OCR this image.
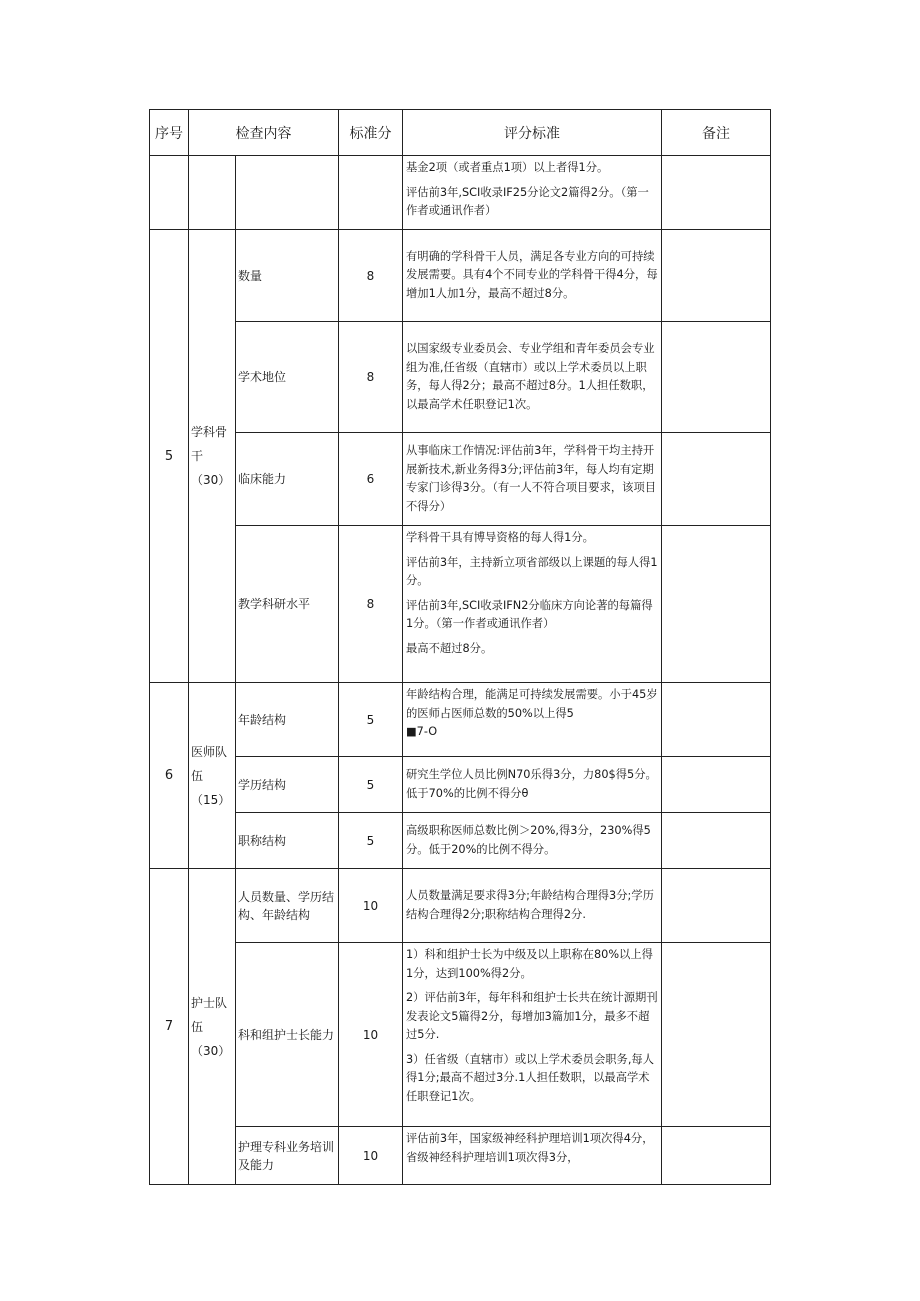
序号	检查内容		标准分	评分标准	备注

				基金2项（或者重点1项）以上者得1分。

评估前3年,SCI收录IF25分论文2篇得2分。（第一作者或通讯作者）	

5	学科骨干（30）	数量	8	有明确的学科骨干人员，满足各专业方向的可持续发展需要。具有4个不同专业的学科骨干得4分，每增加1人加1分，最高不超过8分。	

		学术地位	8	以国家级专业委员会、专业学组和青年委员会专业组为准,任省级（直辖市）或以上学术委员以上职务，每人得2分；最高不超过8分。1人担任数职，以最高学术任职登记1次。	

		临床能力	6	从事临床工作情况:评估前3年，学科骨干均主持开展新技术,新业务得3分;评估前3年，每人均有定期专家门诊得3分。（有一人不符合项目要求，该项目不得分）	

		教学科研水平	8	学科骨干具有博导资格的每人得1分。

评估前3年，主持新立项省部级以上课题的每人得1分。

评估前3年,SCI收录IFN2分临床方向论著的每篇得1分。（第一作者或通讯作者）

最高不超过8分。	

6	医师队伍（15）	年龄结构	5	年龄结构合理，能满足可持续发展需要。小于45岁的医师占医师总数的50%以上得5

■7-O	

		学历结构	5	研究生学位人员比例N70乐得3分，力80$得5分。低于70%的比例不得分θ	

		职称结构	5	高级职称医师总数比例＞20%,得3分，230%得5分。低于20%的比例不得分。	

7	护士队伍（30）	人员数量、学历结构、年龄结构	10	人员数量满足要求得3分;年龄结构合理得3分;学历结构合理得2分;职称结构合理得2分.	

		科和组护士长能力	10	1）科和组护士长为中级及以上职称在80%以上得1分，达到100%得2分。

2）评估前3年，每年科和组护士长共在统计源期刊发表论文5篇得2分，每增加3篇加1分，最多不超过5分.

3）任省级（直辖市）或以上学术委员会职务,每人得1分;最高不超过3分.1人担任数职，以最高学术任职登记1次。	

		护理专科业务培训及能力	10	评估前3年，国家级神经科护理培训1项次得4分，省级神经科护理培训1项次得3分，	
